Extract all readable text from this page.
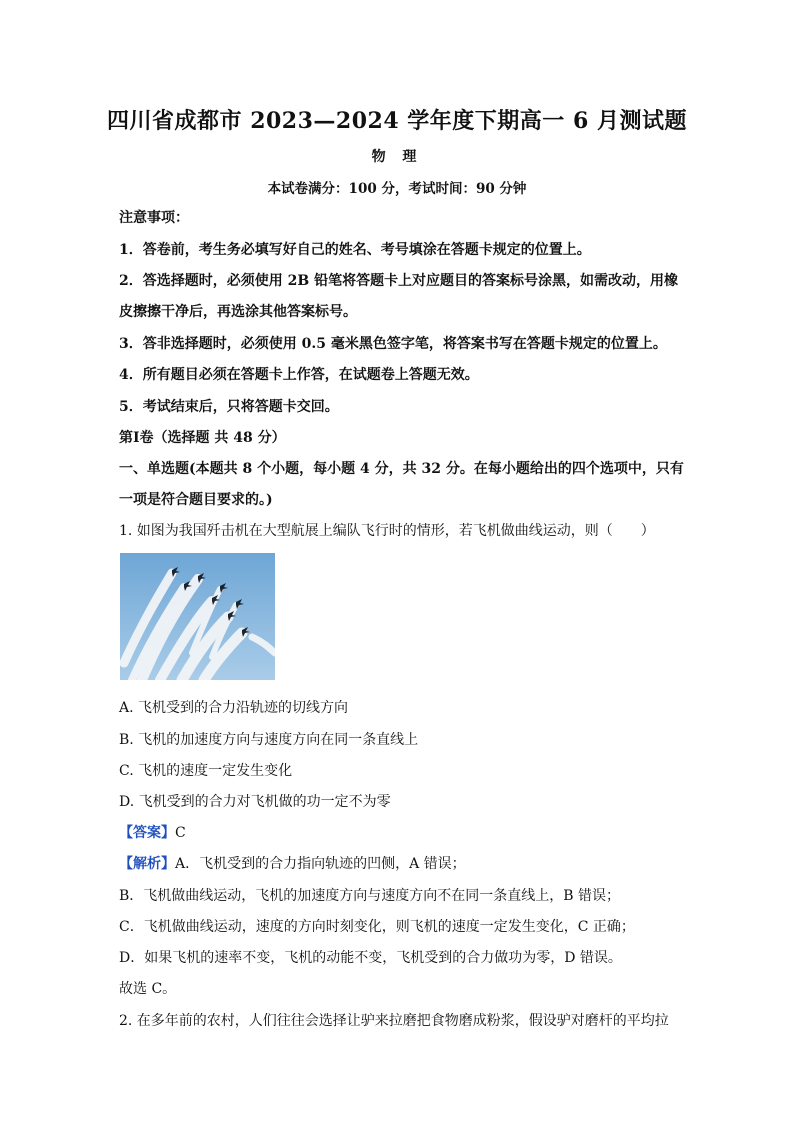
四川省成都市 2023—2024 学年度下期高一 6 月测试题
物 理
本试卷满分：100 分，考试时间：90 分钟
注意事项：
1．答卷前，考生务必填写好自己的姓名、考号填涂在答题卡规定的位置上。
2．答选择题时，必须使用 2B 铅笔将答题卡上对应题目的答案标号涂黑，如需改动，用橡
皮擦擦干净后，再选涂其他答案标号。
3．答非选择题时，必须使用 0.5 毫米黑色签字笔，将答案书写在答题卡规定的位置上。
4．所有题目必须在答题卡上作答，在试题卷上答题无效。
5．考试结束后，只将答题卡交回。
第Ⅰ卷（选择题 共 48 分）
一、单选题(本题共 8 个小题，每小题 4 分，共 32 分。在每小题给出的四个选项中，只有
一项是符合题目要求的。)
1. 如图为我国歼击机在大型航展上编队飞行时的情形，若飞机做曲线运动，则（　　）
A. 飞机受到的合力沿轨迹的切线方向
B. 飞机的加速度方向与速度方向在同一条直线上
C. 飞机的速度一定发生变化
D. 飞机受到的合力对飞机做的功一定不为零
【答案】C
【解析】A．飞机受到的合力指向轨迹的凹侧，A 错误；
B．飞机做曲线运动，飞机的加速度方向与速度方向不在同一条直线上，B 错误；
C．飞机做曲线运动，速度的方向时刻变化，则飞机的速度一定发生变化，C 正确；
D．如果飞机的速率不变，飞机的动能不变，飞机受到的合力做功为零，D 错误。
故选 C。
2. 在多年前的农村，人们往往会选择让驴来拉磨把食物磨成粉浆，假设驴对磨杆的平均拉
